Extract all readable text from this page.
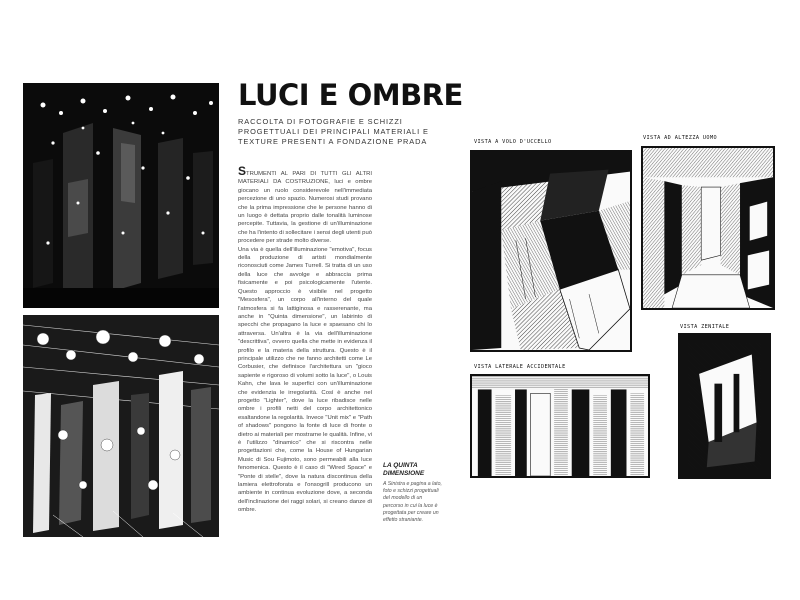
LUCI E OMBRE
RACCOLTA DI FOTOGRAFIE E SCHIZZI PROGETTUALI DEI PRINCIPALI MATERIALI E TEXTURE PRESENTI A FONDAZIONE PRADA
STRUMENTI AL PARI DI TUTTI GLI ALTRI MATERIALI DA COSTRUZIONE, luci e ombre giocano un ruolo considerevole nell'immediata percezione di uno spazio. Numerosi studi provano che la prima impressione che le persone hanno di un luogo è dettata proprio dalle tonalità luminose percepite. Tuttavia, la gestione di un'illuminazione che ha l'intento di sollecitare i sensi degli utenti può procedere per strade molto diverse.
Una via è quella dell'illuminazione "emotiva", focus della produzione di artisti mondialmente riconosciuti come James Turrell. Si tratta di un uso della luce che avvolge e abbraccia prima fisicamente e poi psicologicamente l'utente. Questo approccio è visibile nel progetto "Mesosfera", un corpo all'interno del quale l'atmosfera si fa lattiginosa e rasserenante, ma anche in "Quinta dimensione", un labirinto di specchi che propagano la luce e spaesano chi lo attraversa. Un'altra è la via dell'illuminazione "descrittiva", ovvero quella che mette in evidenza il profilo e la materia della struttura. Questo è il principale utilizzo che ne fanno architetti come Le Corbusier, che definisce l'architettura un "gioco sapiente e rigoroso di volumi sotto la luce", o Louis Kahn, che lava le superfici con un'illuminazione che evidenzia le irregolarità. Così è anche nel progetto "Lighter", dove la luce ribadisce nelle ombre i profili netti del corpo architettonico esaltandone la regolarità. Invece "Unit mix" e "Path of shadows" pongono la fonte di luce di fronte o dietro ai materiali per mostrarne le qualità. Infine, vi è l'utilizzo "dinamico" che si riscontra nelle progettazioni che, come la House of Hungarian Music di Sou Fujimoto, sono permeabili alla luce fenomenica. Questo è il caso di "Wired Space" e "Ponte di stelle", dove la natura discontinua della lamiera elettroforata e l'onsogrill producono un ambiente in continua evoluzione dove, a seconda dell'inclinazione dei raggi solari, si creano danze di ombre.
LA QUINTA DIMENSIONE
A Sinistra e pagina a lato, foto e schizzi progettuali del modello di un percorso in cui la luce è progettata per creare un effetto straniante.
VISTA A VOLO D'UCCELLO
VISTA AD ALTEZZA UOMO
VISTA LATERALE ACCIDENTALE
VISTA ZENITALE
